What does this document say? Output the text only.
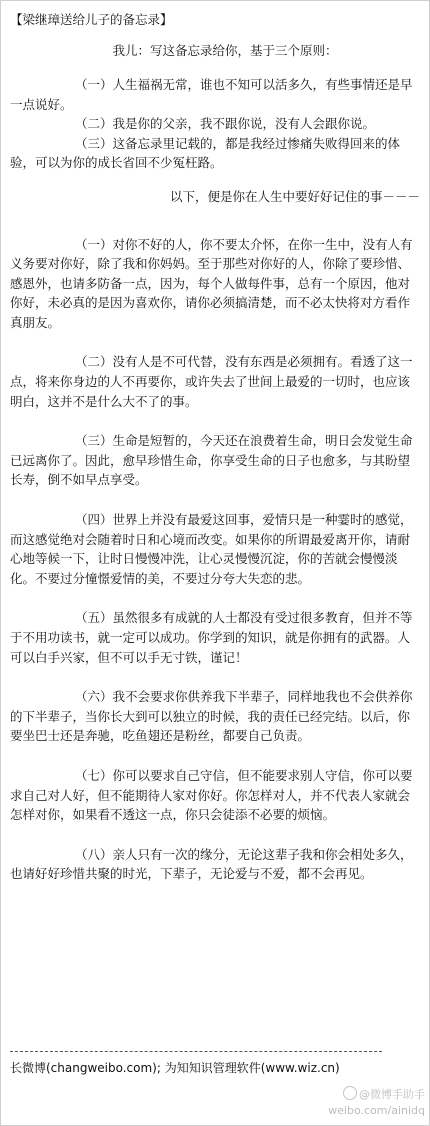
【梁继璋送给儿子的备忘录】

我儿：写这备忘录给你，基于三个原则：

（一）人生福祸无常，谁也不知可以活多久，有些事情还是早一点说好。

（二）我是你的父亲，我不跟你说，没有人会跟你说。

（三）这备忘录里记载的，都是我经过惨痛失败得回来的体验，可以为你的成长省回不少冤枉路。

以下，便是你在人生中要好好记住的事－－－

（一）对你不好的人，你不要太介怀，在你一生中，没有人有义务要对你好，除了我和你妈妈。至于那些对你好的人，你除了要珍惜、感恩外，也请多防备一点，因为，每个人做每件事，总有一个原因，他对你好，未必真的是因为喜欢你，请你必须搞清楚，而不必太快将对方看作真朋友。

（二）没有人是不可代替，没有东西是必须拥有。看透了这一点，将来你身边的人不再要你，或许失去了世间上最爱的一切时，也应该明白，这并不是什么大不了的事。

（三）生命是短暂的，今天还在浪费着生命，明日会发觉生命已远离你了。因此，愈早珍惜生命，你享受生命的日子也愈多，与其盼望长寿，倒不如早点享受。

（四）世界上并没有最爱这回事，爱情只是一种霎时的感觉，而这感觉绝对会随着时日和心境而改变。如果你的所谓最爱离开你，请耐心地等候一下，让时日慢慢冲洗，让心灵慢慢沉淀，你的苦就会慢慢淡化。不要过分憧憬爱情的美，不要过分夸大失恋的悲。

（五）虽然很多有成就的人士都没有受过很多教育，但并不等于不用功读书，就一定可以成功。你学到的知识，就是你拥有的武器。人可以白手兴家，但不可以手无寸铁，谨记！

（六）我不会要求你供养我下半辈子，同样地我也不会供养你的下半辈子，当你长大到可以独立的时候，我的责任已经完结。以后，你要坐巴士还是奔驰，吃鱼翅还是粉丝，都要自己负责。

（七）你可以要求自己守信，但不能要求别人守信，你可以要求自己对人好，但不能期待人家对你好。你怎样对人，并不代表人家就会怎样对你，如果看不透这一点，你只会徒添不必要的烦恼。

（八）亲人只有一次的缘分，无论这辈子我和你会相处多久，也请好好珍惜共聚的时光，下辈子，无论爱与不爱，都不会再见。

长微博(changweibo.com); 为知知识管理软件(www.wiz.cn)
@微博手助手
weibo.com/ainidq
